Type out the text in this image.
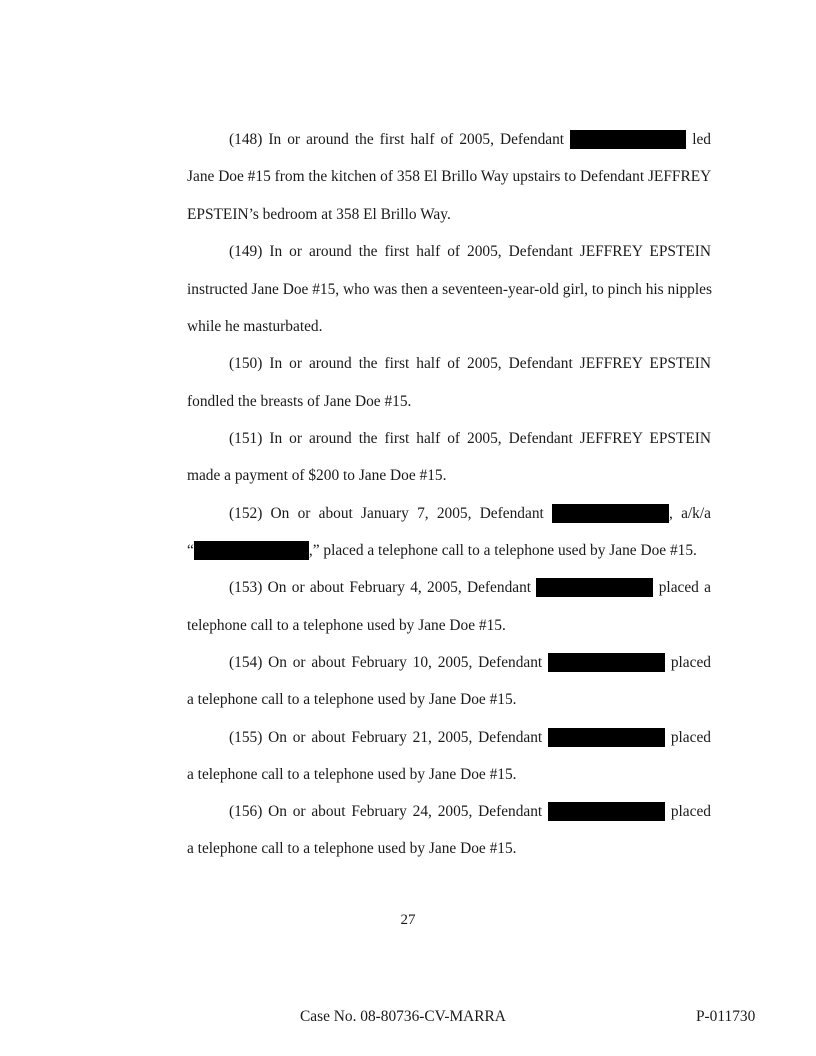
(148) In or around the first half of 2005, Defendant	led
Jane Doe #15 from the kitchen of 358 El Brillo Way upstairs to Defendant JEFFREY
EPSTEIN’s bedroom at 358 El Brillo Way.
(149) In or around the first half of 2005, Defendant JEFFREY EPSTEIN
instructed Jane Doe #15, who was then a seventeen-year-old girl, to pinch his nipples
while he masturbated.
(150) In or around the first half of 2005, Defendant JEFFREY EPSTEIN
fondled the breasts of Jane Doe #15.
(151) In or around the first half of 2005, Defendant JEFFREY EPSTEIN
made a payment of $200 to Jane Doe #15.
(152) On or about January 7, 2005, Defendant	, a/k/a
“	,” placed a telephone call to a telephone used by Jane Doe #15.
(153) On or about February 4, 2005, Defendant	placed a
telephone call to a telephone used by Jane Doe #15.
(154) On or about February 10, 2005, Defendant	placed
a telephone call to a telephone used by Jane Doe #15.
(155) On or about February 21, 2005, Defendant	placed
a telephone call to a telephone used by Jane Doe #15.
(156) On or about February 24, 2005, Defendant	placed
a telephone call to a telephone used by Jane Doe #15.
27
Case No. 08-80736-CV-MARRA	P-011730
